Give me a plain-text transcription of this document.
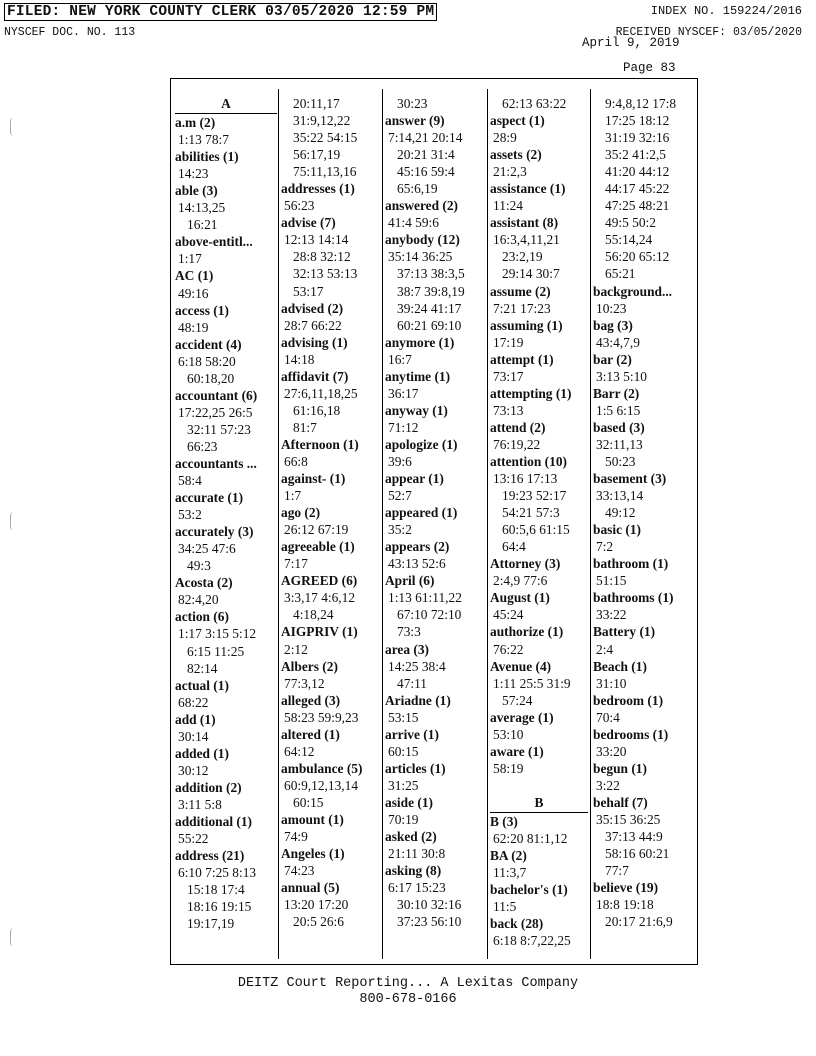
FILED: NEW YORK COUNTY CLERK 03/05/2020 12:59 PM	INDEX NO. 159224/2016
NYSCEF DOC. NO. 113	RECEIVED NYSCEF: 03/05/2020
April 9, 2019
Page 83
A
a.m (2)
1:13 78:7
abilities (1)
14:23
able (3)
14:13,25
16:21
above-entitl...
1:17
AC (1)
49:16
access (1)
48:19
accident (4)
6:18 58:20
60:18,20
accountant (6)
17:22,25 26:5
32:11 57:23
66:23
accountants ...
58:4
accurate (1)
53:2
accurately (3)
34:25 47:6
49:3
Acosta (2)
82:4,20
action (6)
1:17 3:15 5:12
6:15 11:25
82:14
actual (1)
68:22
add (1)
30:14
added (1)
30:12
addition (2)
3:11 5:8
additional (1)
55:22
address (21)
6:10 7:25 8:13
15:18 17:4
18:16 19:15
19:17,19
20:11,17
31:9,12,22
35:22 54:15
56:17,19
75:11,13,16
addresses (1)
56:23
advise (7)
12:13 14:14
28:8 32:12
32:13 53:13
53:17
advised (2)
28:7 66:22
advising (1)
14:18
affidavit (7)
27:6,11,18,25
61:16,18
81:7
Afternoon (1)
66:8
against- (1)
1:7
ago (2)
26:12 67:19
agreeable (1)
7:17
AGREED (6)
3:3,17 4:6,12
4:18,24
AIGPRIV (1)
2:12
Albers (2)
77:3,12
alleged (3)
58:23 59:9,23
altered (1)
64:12
ambulance (5)
60:9,12,13,14
60:15
amount (1)
74:9
Angeles (1)
74:23
annual (5)
13:20 17:20
20:5 26:6
30:23
answer (9)
7:14,21 20:14
20:21 31:4
45:16 59:4
65:6,19
answered (2)
41:4 59:6
anybody (12)
35:14 36:25
37:13 38:3,5
38:7 39:8,19
39:24 41:17
60:21 69:10
anymore (1)
16:7
anytime (1)
36:17
anyway (1)
71:12
apologize (1)
39:6
appear (1)
52:7
appeared (1)
35:2
appears (2)
43:13 52:6
April (6)
1:13 61:11,22
67:10 72:10
73:3
area (3)
14:25 38:4
47:11
Ariadne (1)
53:15
arrive (1)
60:15
articles (1)
31:25
aside (1)
70:19
asked (2)
21:11 30:8
asking (8)
6:17 15:23
30:10 32:16
37:23 56:10
62:13 63:22
aspect (1)
28:9
assets (2)
21:2,3
assistance (1)
11:24
assistant (8)
16:3,4,11,21
23:2,19
29:14 30:7
assume (2)
7:21 17:23
assuming (1)
17:19
attempt (1)
73:17
attempting (1)
73:13
attend (2)
76:19,22
attention (10)
13:16 17:13
19:23 52:17
54:21 57:3
60:5,6 61:15
64:4
Attorney (3)
2:4,9 77:6
August (1)
45:24
authorize (1)
76:22
Avenue (4)
1:11 25:5 31:9
57:24
average (1)
53:10
aware (1)
58:19
B
B (3)
62:20 81:1,12
BA (2)
11:3,7
bachelor's (1)
11:5
back (28)
6:18 8:7,22,25
9:4,8,12 17:8
17:25 18:12
31:19 32:16
35:2 41:2,5
41:20 44:12
44:17 45:22
47:25 48:21
49:5 50:2
55:14,24
56:20 65:12
65:21
background...
10:23
bag (3)
43:4,7,9
bar (2)
3:13 5:10
Barr (2)
1:5 6:15
based (3)
32:11,13
50:23
basement (3)
33:13,14
49:12
basic (1)
7:2
bathroom (1)
51:15
bathrooms (1)
33:22
Battery (1)
2:4
Beach (1)
31:10
bedroom (1)
70:4
bedrooms (1)
33:20
begun (1)
3:22
behalf (7)
35:15 36:25
37:13 44:9
58:16 60:21
77:7
believe (19)
18:8 19:18
20:17 21:6,9
DEITZ Court Reporting... A Lexitas Company
800-678-0166
